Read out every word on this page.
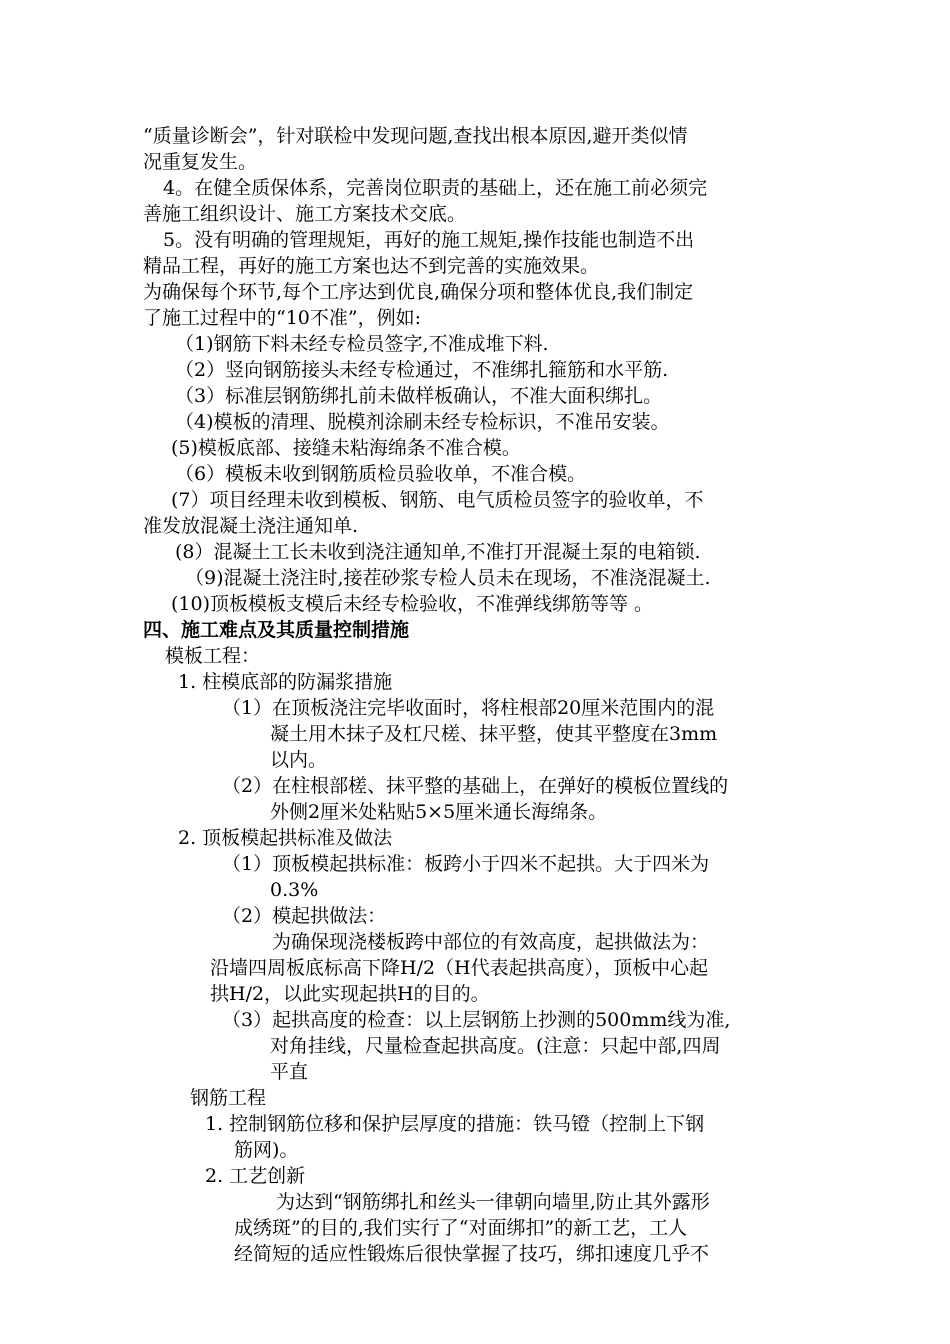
“质量诊断会”，针对联检中发现问题,查找出根本原因,避开类似情
况重复发生。
4。在健全质保体系，完善岗位职责的基础上，还在施工前必须完
善施工组织设计、施工方案技术交底。
5。没有明确的管理规矩，再好的施工规矩,操作技能也制造不出
精品工程，再好的施工方案也达不到完善的实施效果。
为确保每个环节,每个工序达到优良,确保分项和整体优良,我们制定
了施工过程中的“10不准”，例如:
（1)钢筋下料未经专检员签字,不准成堆下料.
（2）竖向钢筋接头未经专检通过，不准绑扎箍筋和水平筋.
（3）标准层钢筋绑扎前未做样板确认，不准大面积绑扎。
（4)模板的清理、脱模剂涂刷未经专检标识，不准吊安装。
(5)模板底部、接缝未粘海绵条不准合模。
（6）模板未收到钢筋质检员验收单，不准合模。
(7）项目经理未收到模板、钢筋、电气质检员签字的验收单，不
准发放混凝土浇注通知单.
(8）混凝土工长未收到浇注通知单,不准打开混凝土泵的电箱锁.
（9)混凝土浇注时,接茬砂浆专检人员未在现场，不准浇混凝土.
(10)顶板模板支模后未经专检验收，不准弹线绑筋等等 。
四、施工难点及其质量控制措施
模板工程：
1. 柱模底部的防漏浆措施
（1）在顶板浇注完毕收面时，将柱根部20厘米范围内的混
凝土用木抹子及杠尺槎、抹平整，使其平整度在3mm
以内。
（2）在柱根部槎、抹平整的基础上，在弹好的模板位置线的
外侧2厘米处粘贴5×5厘米通长海绵条。
2. 顶板模起拱标准及做法
（1）顶板模起拱标准：板跨小于四米不起拱。大于四米为
0.3%
（2）模起拱做法：
为确保现浇楼板跨中部位的有效高度，起拱做法为：
沿墙四周板底标高下降H/2（H代表起拱高度），顶板中心起
拱H/2，以此实现起拱H的目的。
（3）起拱高度的检查：以上层钢筋上抄测的500mm线为准,
对角挂线，尺量检查起拱高度。(注意：只起中部,四周
平直
钢筋工程
1. 控制钢筋位移和保护层厚度的措施：铁马镫（控制上下钢
筋网)。
2. 工艺创新
为达到“钢筋绑扎和丝头一律朝向墙里,防止其外露形
成绣斑”的目的,我们实行了“对面绑扣”的新工艺，工人
经简短的适应性锻炼后很快掌握了技巧，绑扣速度几乎不
